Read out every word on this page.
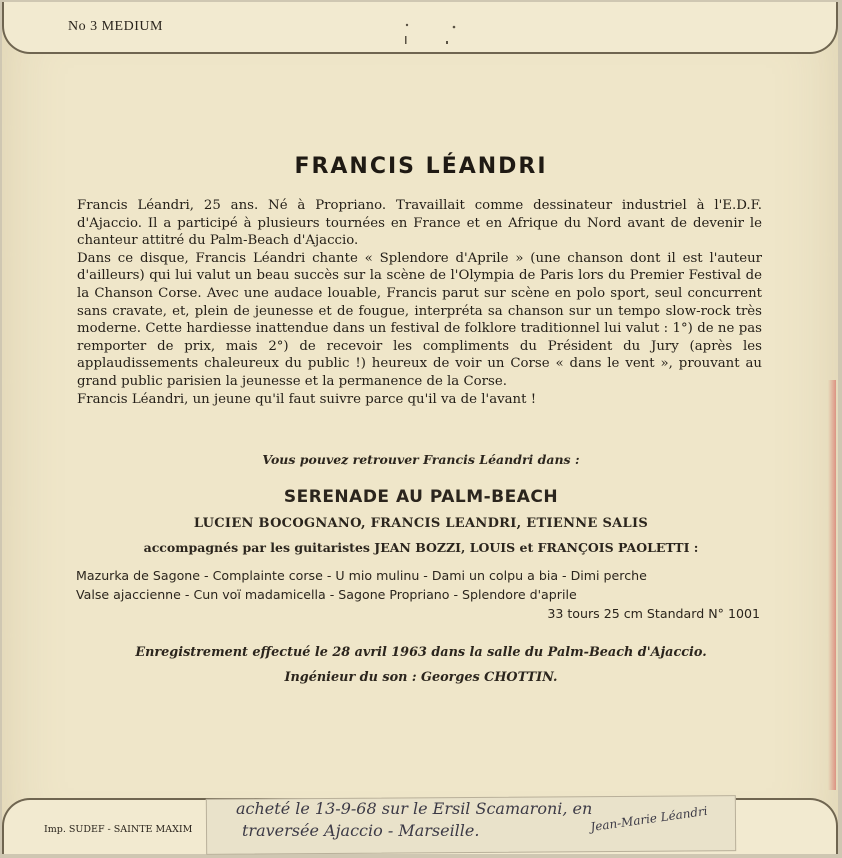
No 3 MEDIUM
FRANCIS LÉANDRI

Francis Léandri, 25 ans. Né à Propriano. Travaillait comme dessinateur industriel à l'E.D.F. d'Ajaccio. Il a participé à plusieurs tournées en France et en Afrique du Nord avant de devenir le chanteur attitré du Palm-Beach d'Ajaccio.

Dans ce disque, Francis Léandri chante « Splendore d'Aprile » (une chanson dont il est l'auteur d'ailleurs) qui lui valut un beau succès sur la scène de l'Olympia de Paris lors du Premier Festival de la Chanson Corse. Avec une audace louable, Francis parut sur scène en polo sport, seul concurrent sans cravate, et, plein de jeunesse et de fougue, interpréta sa chanson sur un tempo slow-rock très moderne. Cette hardiesse inattendue dans un festival de folklore traditionnel lui valut : 1°) de ne pas remporter de prix, mais 2°) de recevoir les compliments du Président du Jury (après les applaudissements chaleureux du public !) heureux de voir un Corse « dans le vent », prouvant au grand public parisien la jeunesse et la permanence de la Corse.

Francis Léandri, un jeune qu'il faut suivre parce qu'il va de l'avant !

Vous pouvez retrouver Francis Léandri dans :
SERENADE AU PALM-BEACH
LUCIEN BOCOGNANO, FRANCIS LEANDRI, ETIENNE SALIS
accompagnés par les guitaristes JEAN BOZZI, LOUIS et FRANÇOIS PAOLETTI :
Mazurka de Sagone - Complainte corse - U mio mulinu - Dami un colpu a bia - Dimi perche
Valse ajaccienne - Cun voï madamicella - Sagone Propriano - Splendore d'aprile
33 tours 25 cm Standard N° 1001
Enregistrement effectué le 28 avril 1963 dans la salle du Palm-Beach d'Ajaccio.
Ingénieur du son : Georges CHOTTIN.
Imp. SUDEF - SAINTE MAXIM
acheté le 13-9-68 sur le Ersil Scamaroni, en
traversée Ajaccio - Marseille.	Jean-Marie Léandri
